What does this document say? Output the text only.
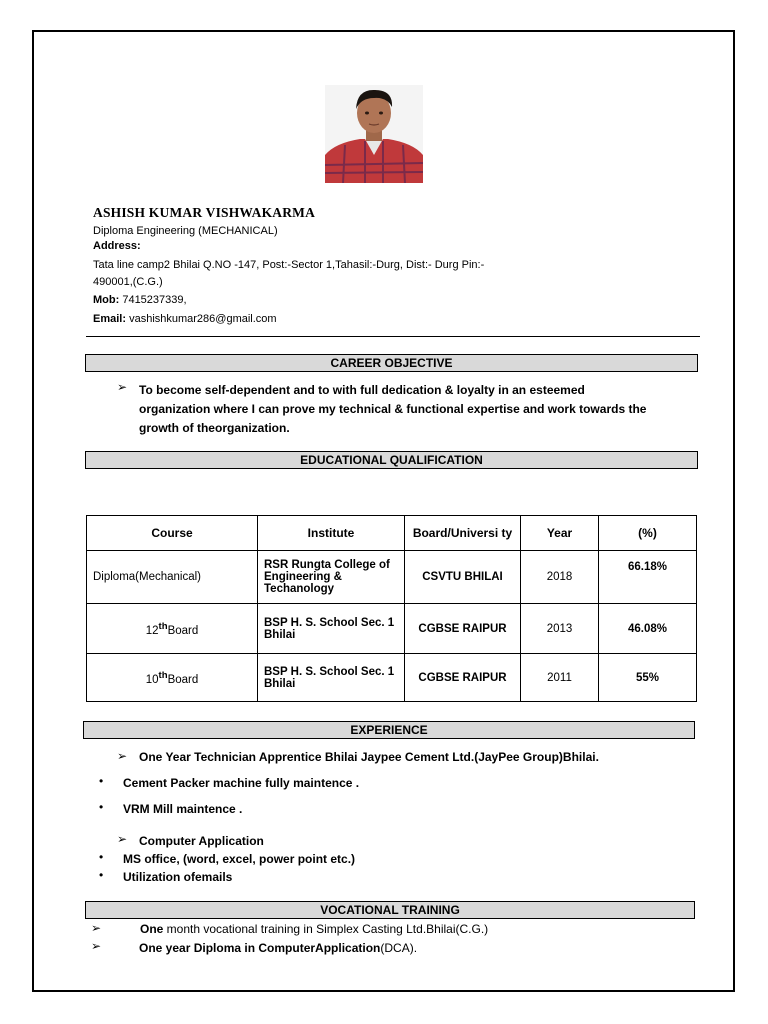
ASHISH KUMAR VISHWAKARMA
Diploma Engineering (MECHANICAL)
Address:
Tata line camp2 Bhilai Q.NO -147, Post:-Sector 1,Tahasil:-Durg, Dist:- Durg Pin:-
490001,(C.G.)
Mob: 7415237339,
Email: vashishkumar286@gmail.com
CAREER OBJECTIVE
➢ To become self-dependent and to with full dedication & loyalty in an esteemed organization where I can prove my technical & functional expertise and work towards the growth of theorganization.
EDUCATIONAL QUALIFICATION
Course	Institute	Board/Universi ty	Year	(%)
Diploma(Mechanical)	RSR Rungta College of Engineering & Techanology	CSVTU BHILAI	2018	66.18%
12thBoard	BSP H. S. School Sec. 1 Bhilai	CGBSE RAIPUR	2013	46.08%
10thBoard	BSP H. S. School Sec. 1 Bhilai	CGBSE RAIPUR	2011	55%
EXPERIENCE
➢ One Year Technician Apprentice Bhilai Jaypee Cement Ltd.(JayPee Group)Bhilai.
• Cement Packer machine fully maintence .
• VRM Mill maintence .
➢ Computer Application
• MS office, (word, excel, power point etc.)
• Utilization ofemails
VOCATIONAL TRAINING
➢	One month vocational training in Simplex Casting Ltd.Bhilai(C.G.)
➢	One year Diploma in ComputerApplication(DCA).
